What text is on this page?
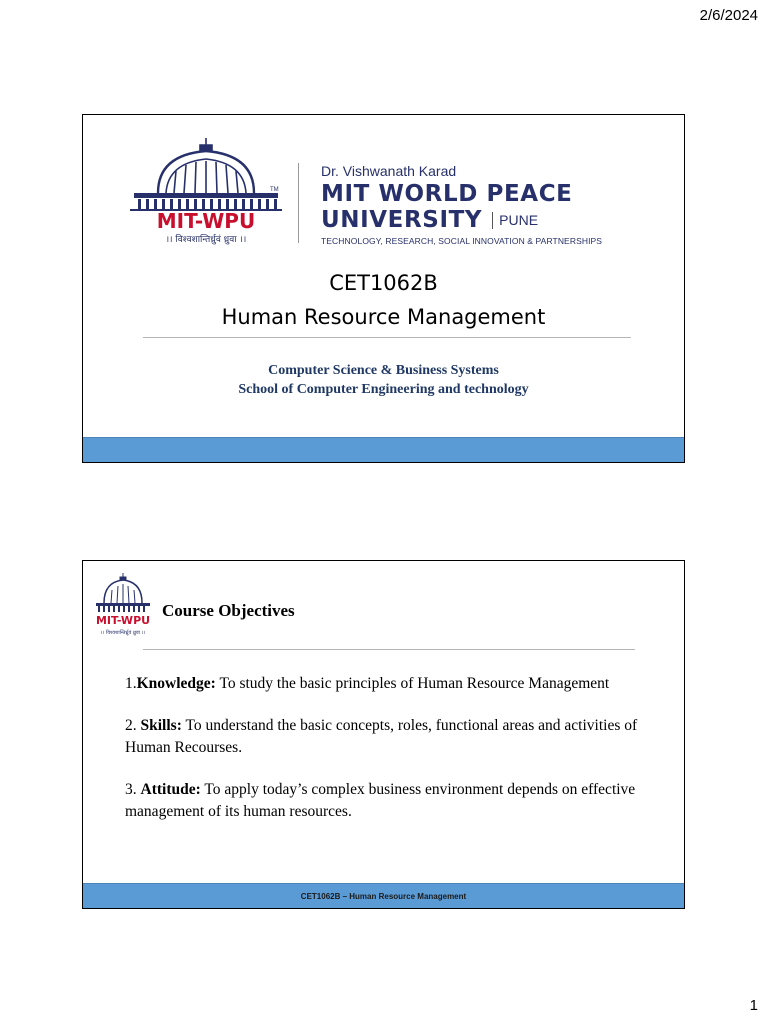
2/6/2024
MIT-WPU
TM
।। विश्वशान्तिर्ध्रुवं ध्रुवा ।।
Dr. Vishwanath Karad
MIT WORLD PEACE
UNIVERSITY PUNE
TECHNOLOGY, RESEARCH, SOCIAL INNOVATION & PARTNERSHIPS
CET1062B
Human Resource Management
Computer Science & Business Systems
School of Computer Engineering and technology
MIT-WPU
।। विश्वशान्तिर्ध्रुवं ध्रुवा ।।
Course Objectives
1.Knowledge: To study the basic principles of Human Resource Management
2. Skills: To understand the basic concepts, roles, functional areas and activities of Human Recourses.
3. Attitude: To apply today’s complex business environment depends on effective management of its human resources.
CET1062B – Human Resource Management
1
